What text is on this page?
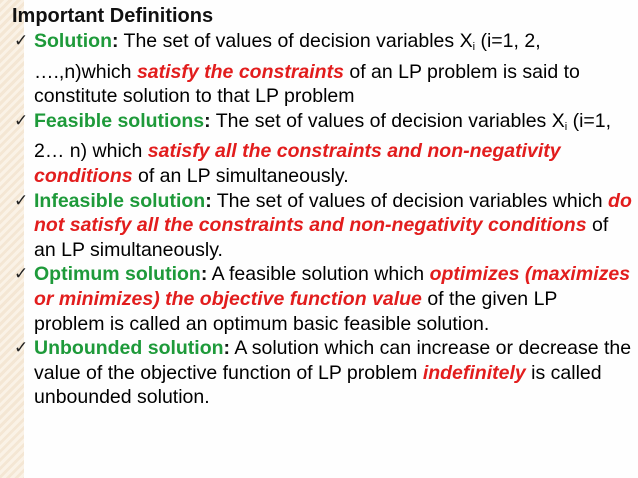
Important Definitions
✓ Solution: The set of values of decision variables $X_i$ (i=1, 2, ….,n)which satisfy the constraints of an LP problem is said to constitute solution to that LP problem
✓ Feasible solutions: The set of values of decision variables $X_i$ (i=1, 2… n) which satisfy all the constraints and non-negativity conditions of an LP simultaneously.
✓ Infeasible solution: The set of values of decision variables which do not satisfy all the constraints and non-negativity conditions of an LP simultaneously.
✓ Optimum solution: A feasible solution which optimizes (maximizes or minimizes) the objective function value of the given LP problem is called an optimum basic feasible solution.
✓ Unbounded solution: A solution which can increase or decrease the value of the objective function of LP problem indefinitely is called unbounded solution.
